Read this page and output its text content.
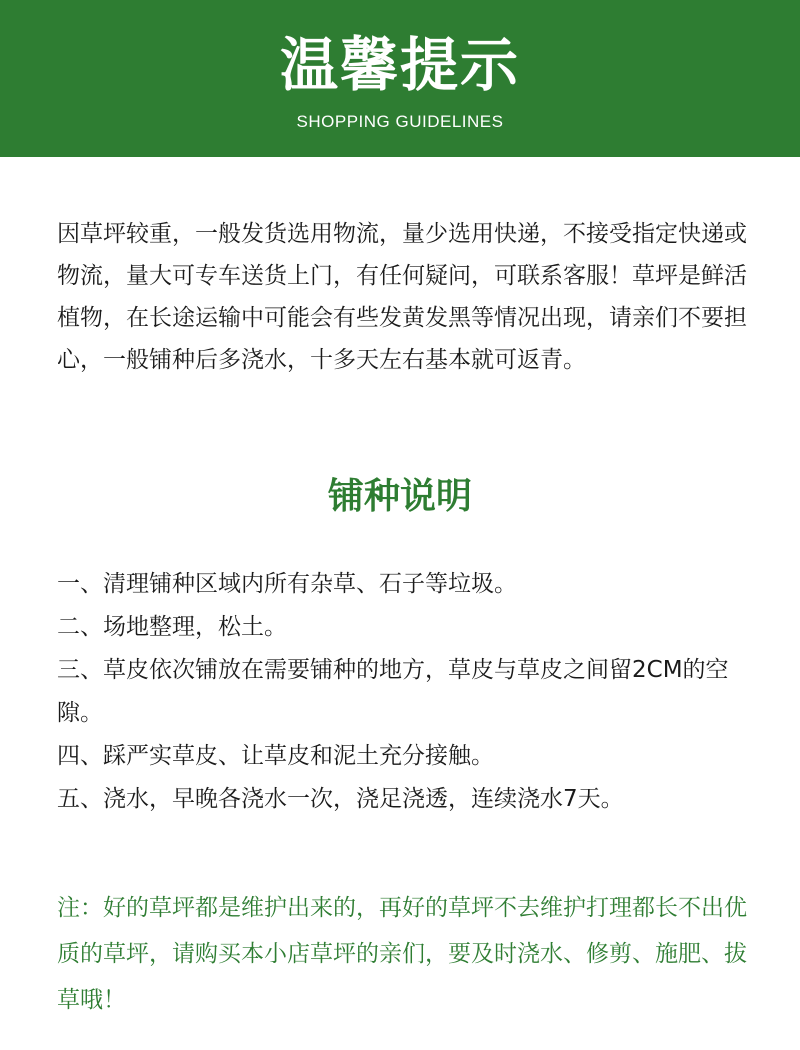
温馨提示
SHOPPING GUIDELINES

因草坪较重，一般发货选用物流，量少选用快递，不接受指定快递或物流，量大可专车送货上门，有任何疑问，可联系客服！草坪是鲜活植物，在长途运输中可能会有些发黄发黑等情况出现，请亲们不要担心，一般铺种后多浇水，十多天左右基本就可返青。

铺种说明
一、清理铺种区域内所有杂草、石子等垃圾。
二、场地整理，松土。
三、草皮依次铺放在需要铺种的地方，草皮与草皮之间留2CM的空隙。
四、踩严实草皮、让草皮和泥土充分接触。
五、浇水，早晚各浇水一次，浇足浇透，连续浇水7天。

注：好的草坪都是维护出来的，再好的草坪不去维护打理都长不出优质的草坪，请购买本小店草坪的亲们，要及时浇水、修剪、施肥、拔草哦！
